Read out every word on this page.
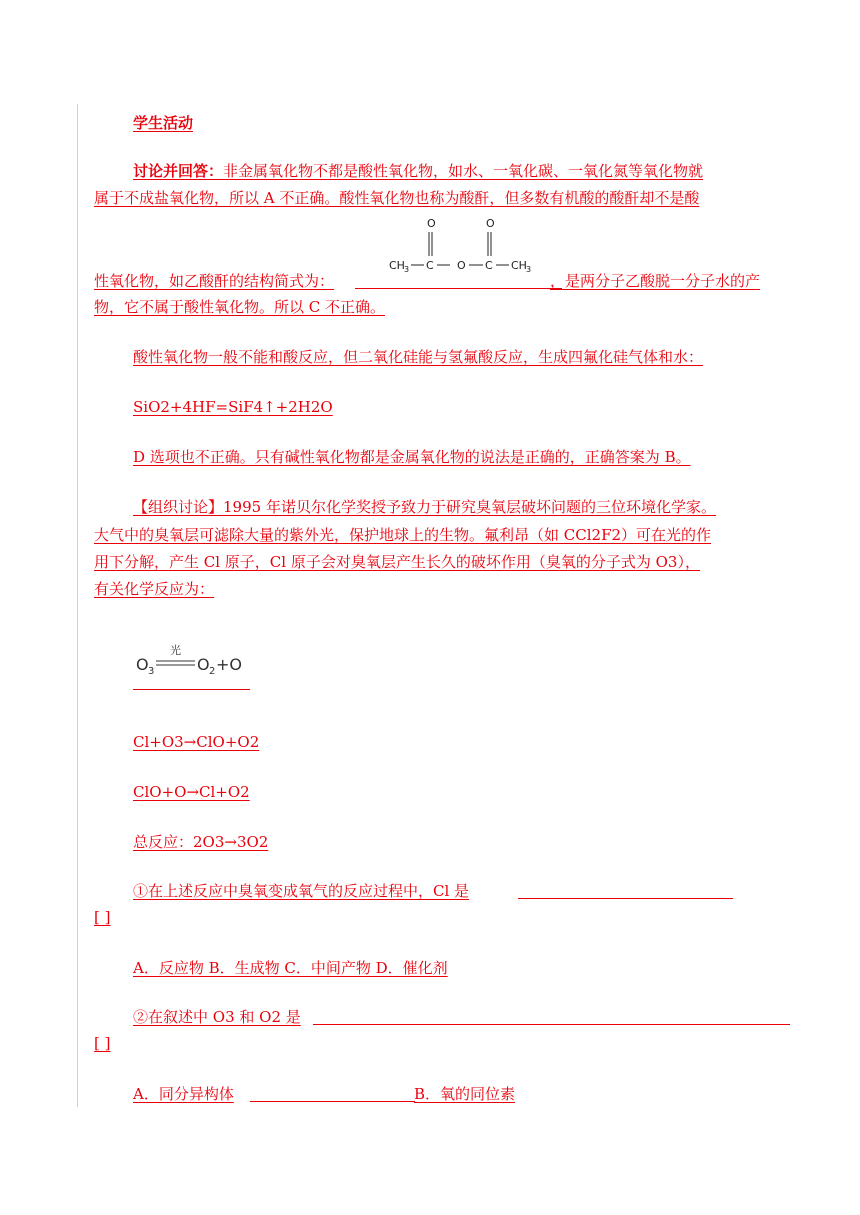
学生活动
讨论并回答：非金属氧化物不都是酸性氧化物，如水、一氧化碳、一氧化氮等氧化物就
属于不成盐氧化物，所以 A 不正确。酸性氧化物也称为酸酐，但多数有机酸的酸酐却不是酸
O	O
CH 3 C O C CH 3
性氧化物，如乙酸酐的结构简式为：	，是两分子乙酸脱一分子水的产
物，它不属于酸性氧化物。所以 C 不正确。
酸性氧化物一般不能和酸反应，但二氧化硅能与氢氟酸反应，生成四氟化硅气体和水：
SiO2+4HF=SiF4↑+2H2O
D 选项也不正确。只有碱性氧化物都是金属氧化物的说法是正确的，正确答案为 B。
【组织讨论】1995 年诺贝尔化学奖授予致力于研究臭氧层破坏问题的三位环境化学家。
大气中的臭氧层可滤除大量的紫外光，保护地球上的生物。氟利昂（如 CCl2F2）可在光的作
用下分解，产生 Cl 原子，Cl 原子会对臭氧层产生长久的破坏作用（臭氧的分子式为 O3），
有关化学反应为：
O 3
光
O 2 +O
Cl+O3→ClO+O2
ClO+O→Cl+O2
总反应：2O3→3O2
①在上述反应中臭氧变成氧气的反应过程中，Cl 是
[ ]
A．反应物 B．生成物 C．中间产物 D．催化剂
②在叙述中 O3 和 O2 是
[ ]
A．同分异构体	B．氧的同位素
